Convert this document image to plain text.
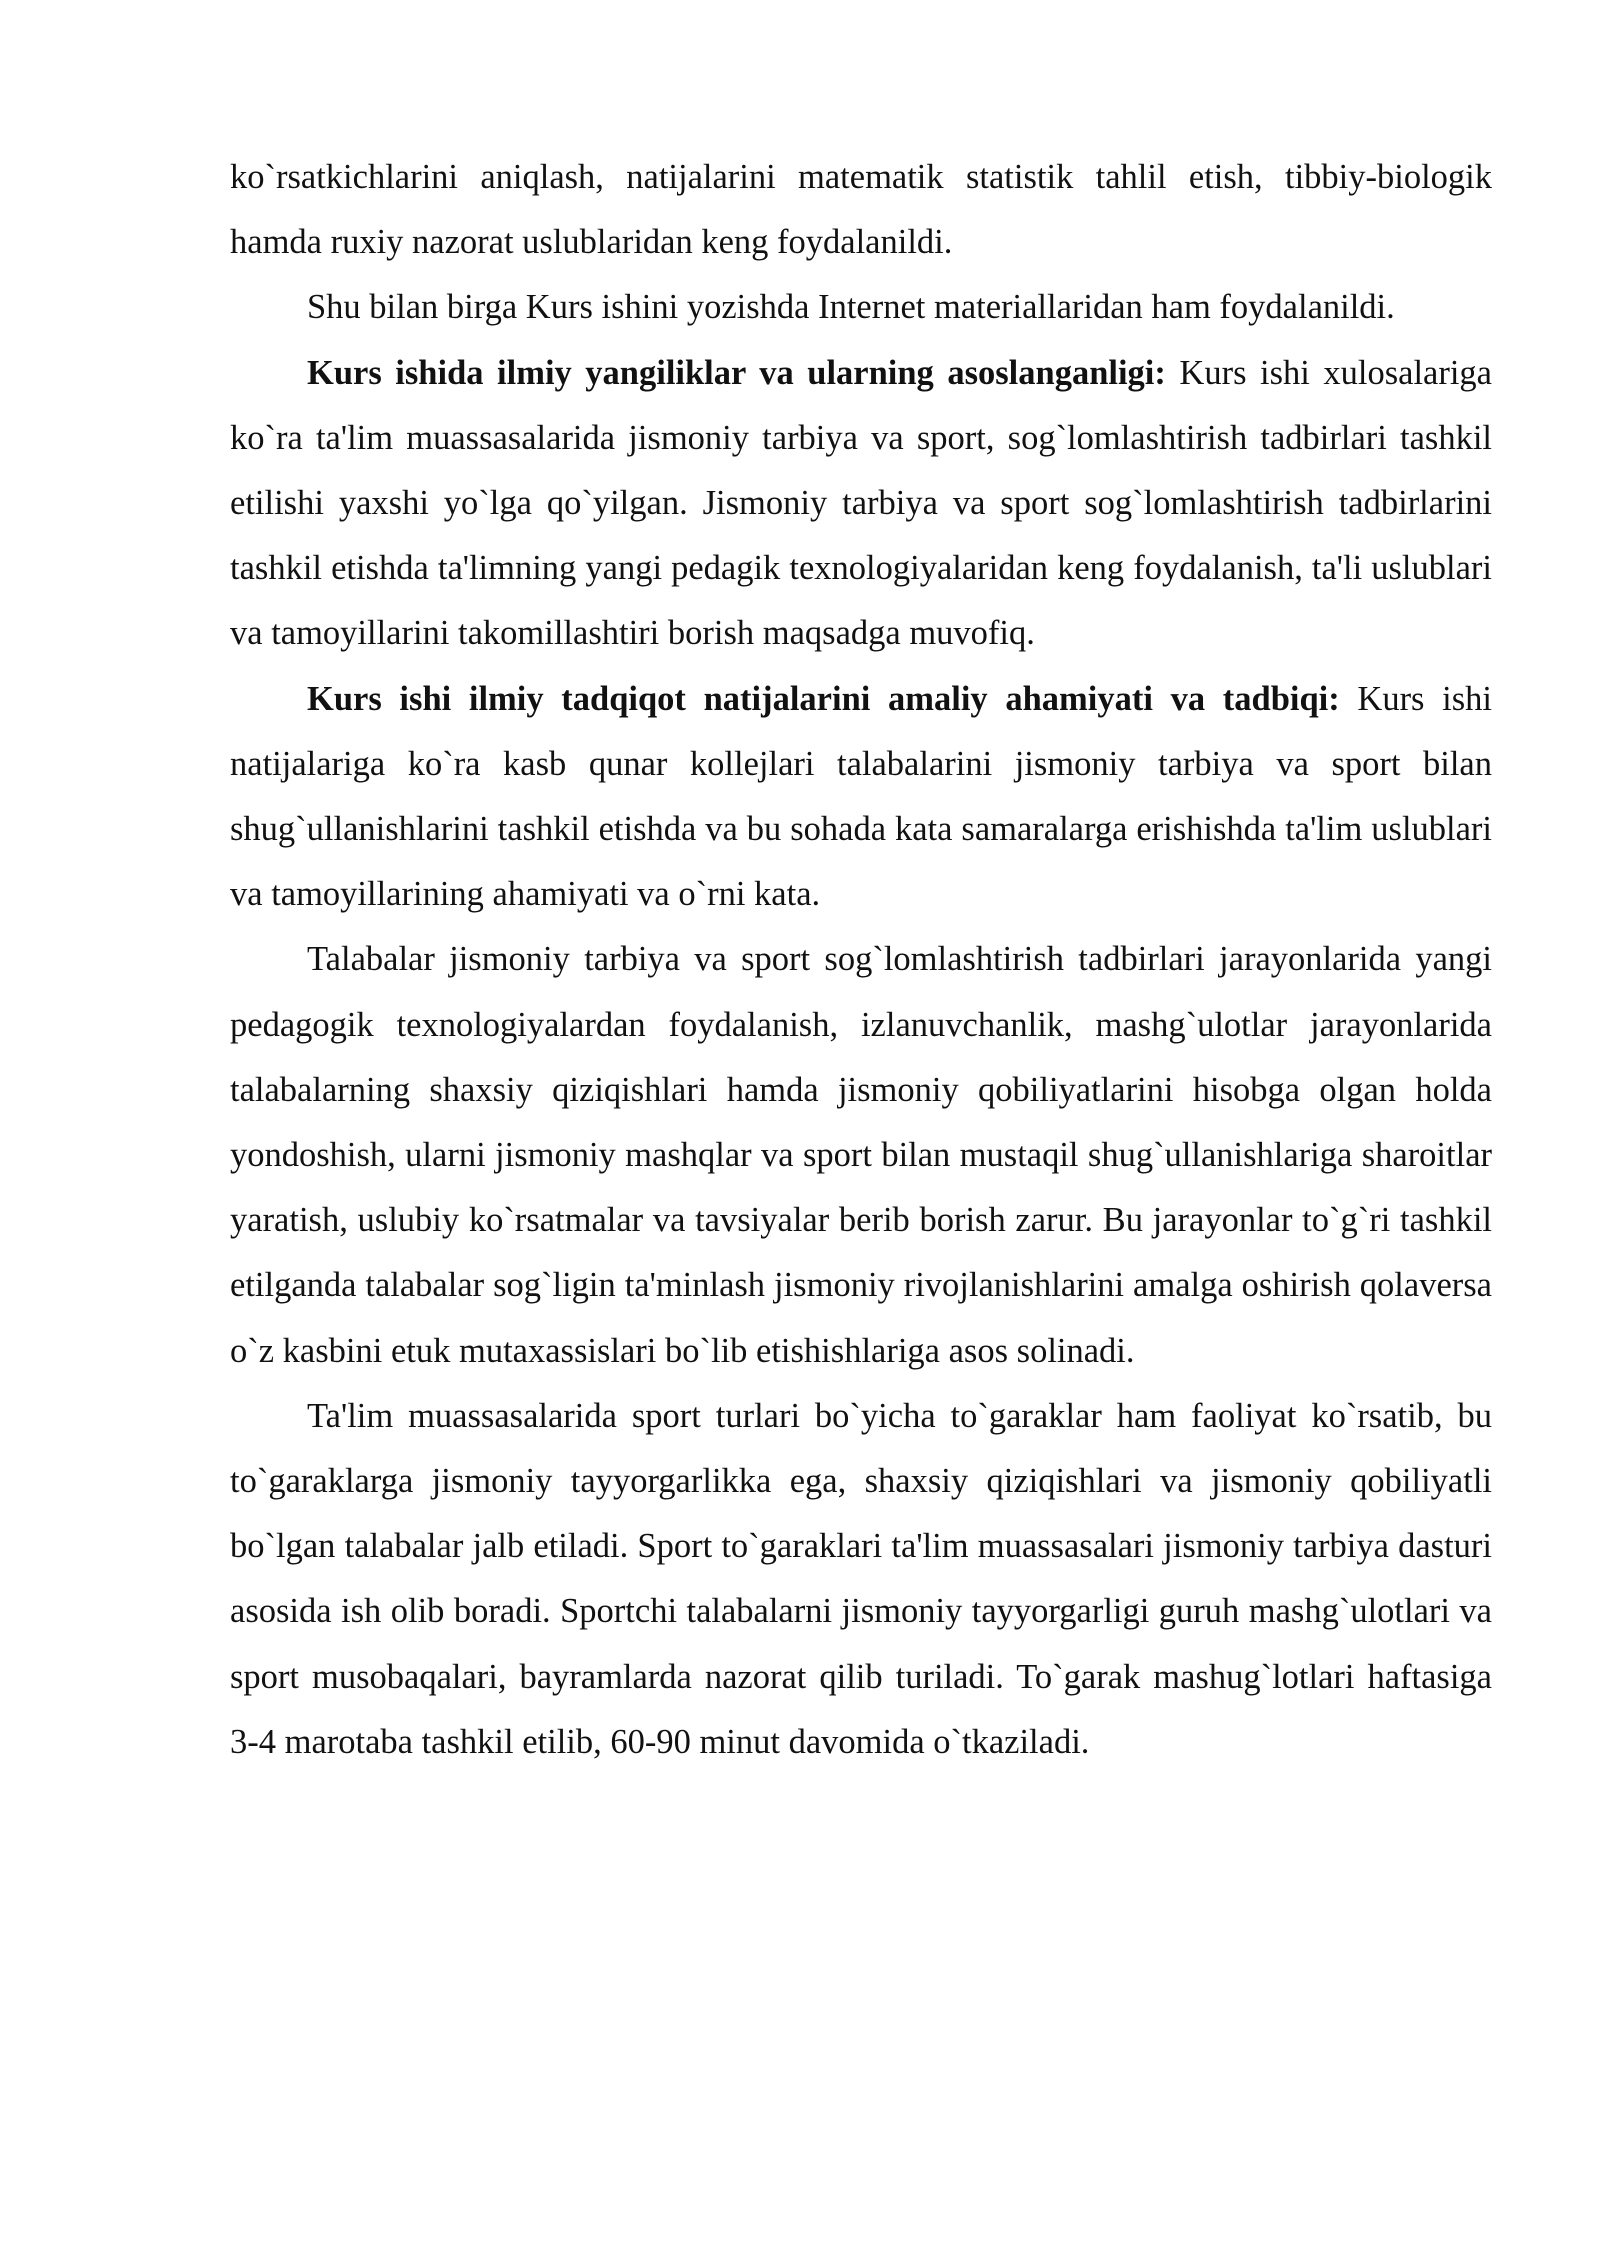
ko`rsatkichlarini aniqlash, natijalarini matematik statistik tahlil etish, tibbiy-biologik hamda ruxiy nazorat uslublaridan keng foydalanildi.

Shu bilan birga Kurs ishini yozishda Internet materiallaridan ham foydalanildi.

Kurs ishida ilmiy yangiliklar va ularning asoslanganligi: Kurs ishi xulosalariga ko`ra ta'lim muassasalarida jismoniy tarbiya va sport, sog`lomlashtirish tadbirlari tashkil etilishi yaxshi yo`lga qo`yilgan. Jismoniy tarbiya va sport sog`lomlashtirish tadbirlarini tashkil etishda ta'limning yangi pedagik texnologiyalaridan keng foydalanish, ta'li uslublari va tamoyillarini takomillashtiri borish maqsadga muvofiq.

Kurs ishi ilmiy tadqiqot natijalarini amaliy ahamiyati va tadbiqi: Kurs ishi natijalariga ko`ra kasb qunar kollejlari talabalarini jismoniy tarbiya va sport bilan shug`ullanishlarini tashkil etishda va bu sohada kata samaralarga erishishda ta'lim uslublari va tamoyillarining ahamiyati va o`rni kata.

Talabalar jismoniy tarbiya va sport sog`lomlashtirish tadbirlari jarayonlarida yangi pedagogik texnologiyalardan foydalanish, izlanuvchanlik, mashg`ulotlar jarayonlarida talabalarning shaxsiy qiziqishlari hamda jismoniy qobiliyatlarini hisobga olgan holda yondoshish, ularni jismoniy mashqlar va sport bilan mustaqil shug`ullanishlariga sharoitlar yaratish, uslubiy ko`rsatmalar va tavsiyalar berib borish zarur. Bu jarayonlar to`g`ri tashkil etilganda talabalar sog`ligin ta'minlash jismoniy rivojlanishlarini amalga oshirish qolaversa o`z kasbini etuk mutaxassislari bo`lib etishishlariga asos solinadi.

Ta'lim muassasalarida sport turlari bo`yicha to`garaklar ham faoliyat ko`rsatib, bu to`garaklarga jismoniy tayyorgarlikka ega, shaxsiy qiziqishlari va jismoniy qobiliyatli bo`lgan talabalar jalb etiladi. Sport to`garaklari ta'lim muassasalari jismoniy tarbiya dasturi asosida ish olib boradi. Sportchi talabalarni jismoniy tayyorgarligi guruh mashg`ulotlari va sport musobaqalari, bayramlarda nazorat qilib turiladi. To`garak mashug`lotlari haftasiga 3-4 marotaba tashkil etilib, 60-90 minut davomida o`tkaziladi.
